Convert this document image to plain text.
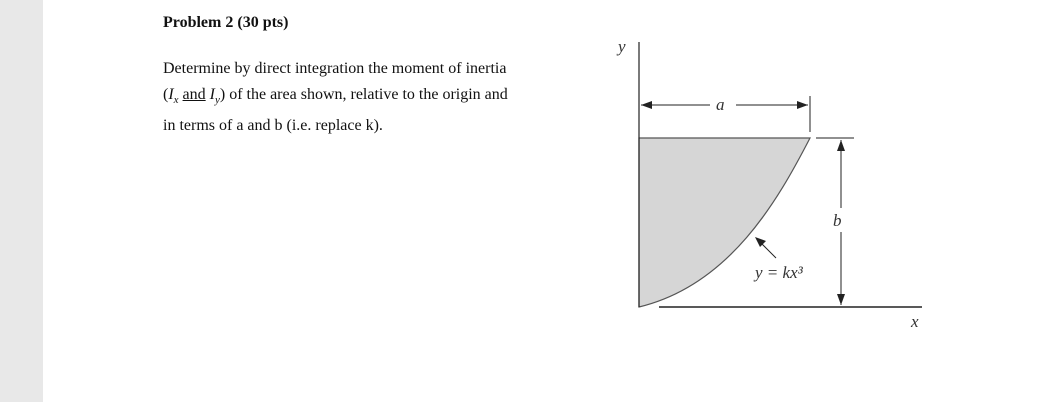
Problem 2 (30 pts)
Determine by direct integration the moment of inertia
($I_x$ and $I_y$) of the area shown, relative to the origin and
in terms of a and b (i.e. replace k).
y
x
a
b
y = kx³
